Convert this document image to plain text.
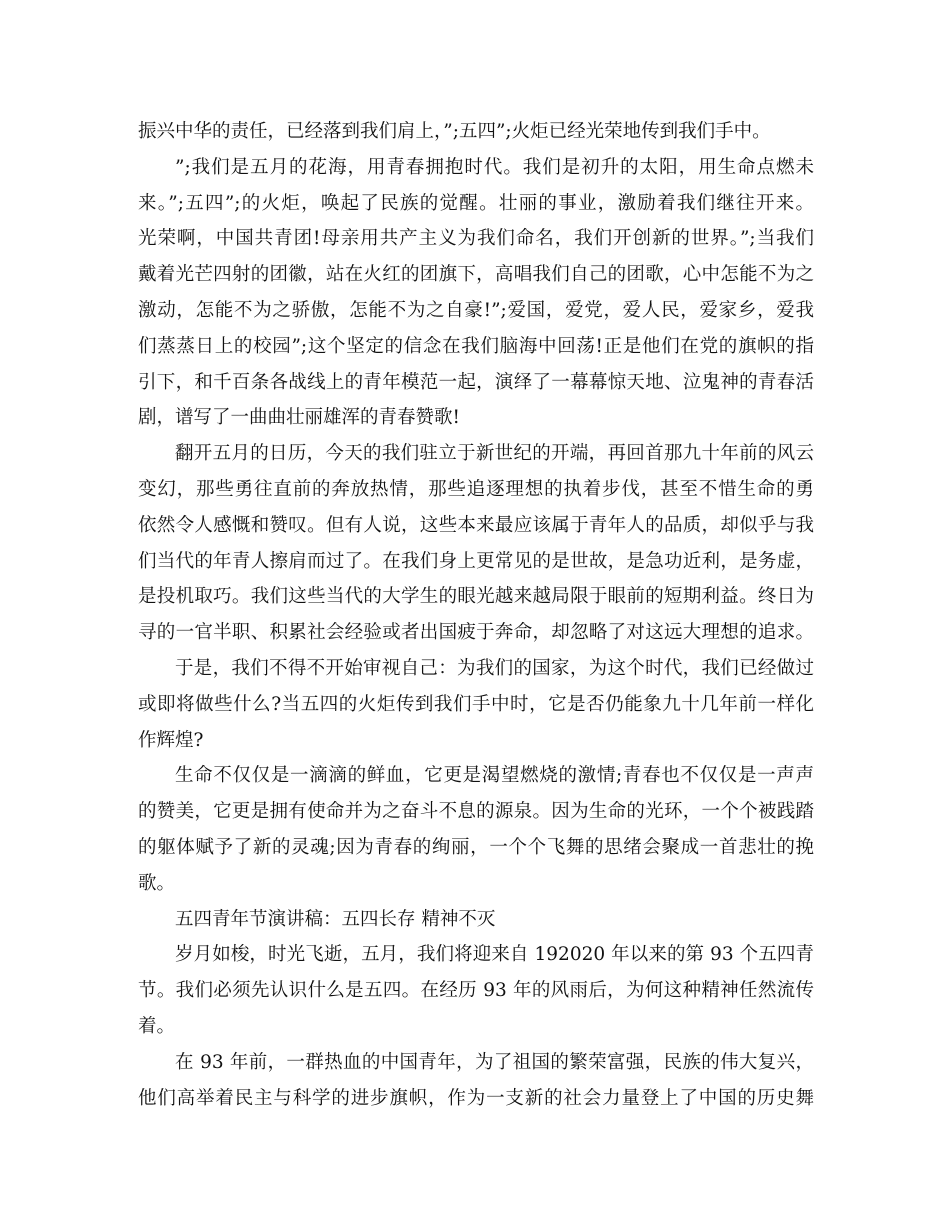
振兴中华的责任，已经落到我们肩上，”;五四”;火炬已经光荣地传到我们手中。
”;我们是五月的花海，用青春拥抱时代。我们是初升的太阳，用生命点燃未
来。”;五四”;的火炬，唤起了民族的觉醒。壮丽的事业，激励着我们继往开来。
光荣啊，中国共青团!母亲用共产主义为我们命名，我们开创新的世界。”;当我们
戴着光芒四射的团徽，站在火红的团旗下，高唱我们自己的团歌，心中怎能不为之
激动，怎能不为之骄傲，怎能不为之自豪!”;爱国，爱党，爱人民，爱家乡，爱我
们蒸蒸日上的校园”;这个坚定的信念在我们脑海中回荡!正是他们在党的旗帜的指
引下，和千百条各战线上的青年模范一起，演绎了一幕幕惊天地、泣鬼神的青春活
剧，谱写了一曲曲壮丽雄浑的青春赞歌!
翻开五月的日历，今天的我们驻立于新世纪的开端，再回首那九十年前的风云
变幻，那些勇往直前的奔放热情，那些追逐理想的执着步伐，甚至不惜生命的勇
依然令人感慨和赞叹。但有人说，这些本来最应该属于青年人的品质，却似乎与我
们当代的年青人擦肩而过了。在我们身上更常见的是世故，是急功近利，是务虚，
是投机取巧。我们这些当代的大学生的眼光越来越局限于眼前的短期利益。终日为
寻的一官半职、积累社会经验或者出国疲于奔命，却忽略了对这远大理想的追求。
于是，我们不得不开始审视自己：为我们的国家，为这个时代，我们已经做过
或即将做些什么?当五四的火炬传到我们手中时，它是否仍能象九十几年前一样化
作辉煌?
生命不仅仅是一滴滴的鲜血，它更是渴望燃烧的激情;青春也不仅仅是一声声
的赞美，它更是拥有使命并为之奋斗不息的源泉。因为生命的光环，一个个被践踏
的躯体赋予了新的灵魂;因为青春的绚丽，一个个飞舞的思绪会聚成一首悲壮的挽
歌。
五四青年节演讲稿：五四长存 精神不灭
岁月如梭，时光飞逝，五月，我们将迎来自 192020 年以来的第 93 个五四青
节。我们必须先认识什么是五四。在经历 93 年的风雨后，为何这种精神任然流传
着。
在 93 年前，一群热血的中国青年，为了祖国的繁荣富强，民族的伟大复兴，
他们高举着民主与科学的进步旗帜，作为一支新的社会力量登上了中国的历史舞
